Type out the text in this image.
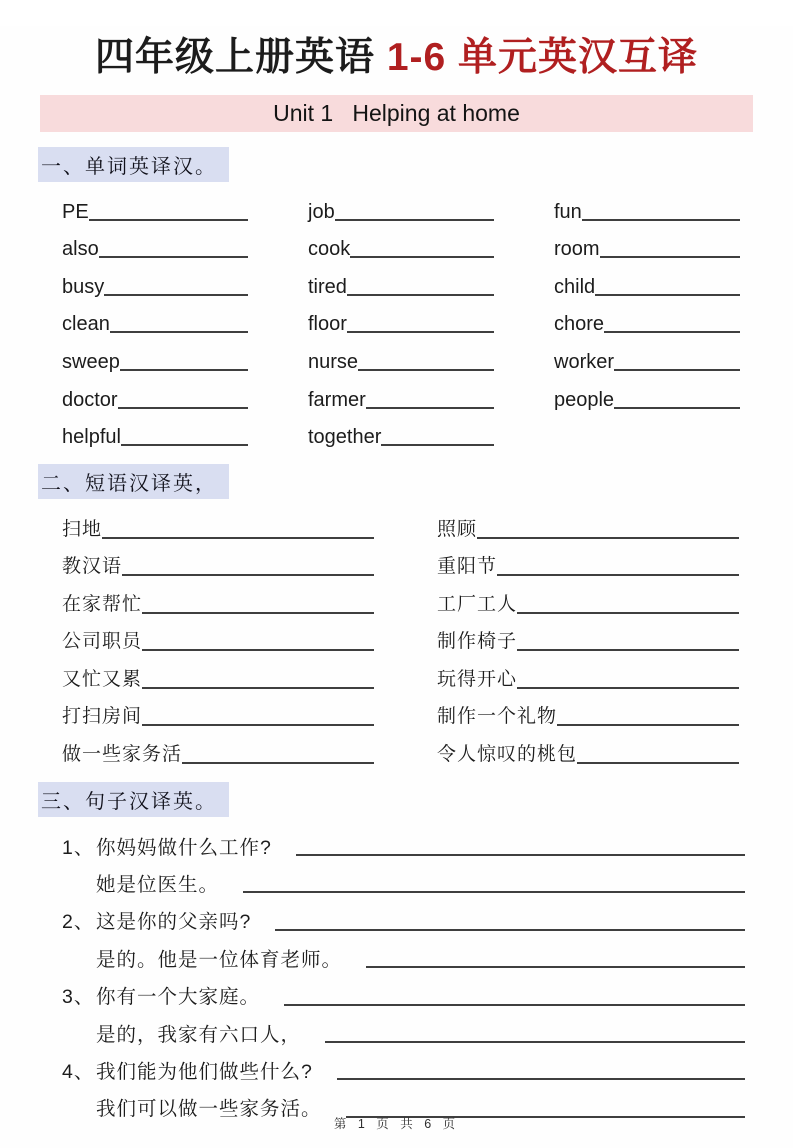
四年级上册英语 1-6 单元英汉互译
Unit 1   Helping at home
一、单词英译汉。
PE	job	fun
also	cook	room
busy	tired	child
clean	floor	chore
sweep	nurse	worker
doctor	farmer	people
helpful	together
二、短语汉译英，
扫地	照顾
教汉语	重阳节
在家帮忙	工厂工人
公司职员	制作椅子
又忙又累	玩得开心
打扫房间	制作一个礼物
做一些家务活	令人惊叹的桃包
三、句子汉译英。
1、 你妈妈做什么工作?
她是位医生。
2、 这是你的父亲吗?
是的。他是一位体育老师。
3、 你有一个大家庭。
是的，我家有六口人，
4、 我们能为他们做些什么?
我们可以做一些家务活。
第 1 页 共 6 页
